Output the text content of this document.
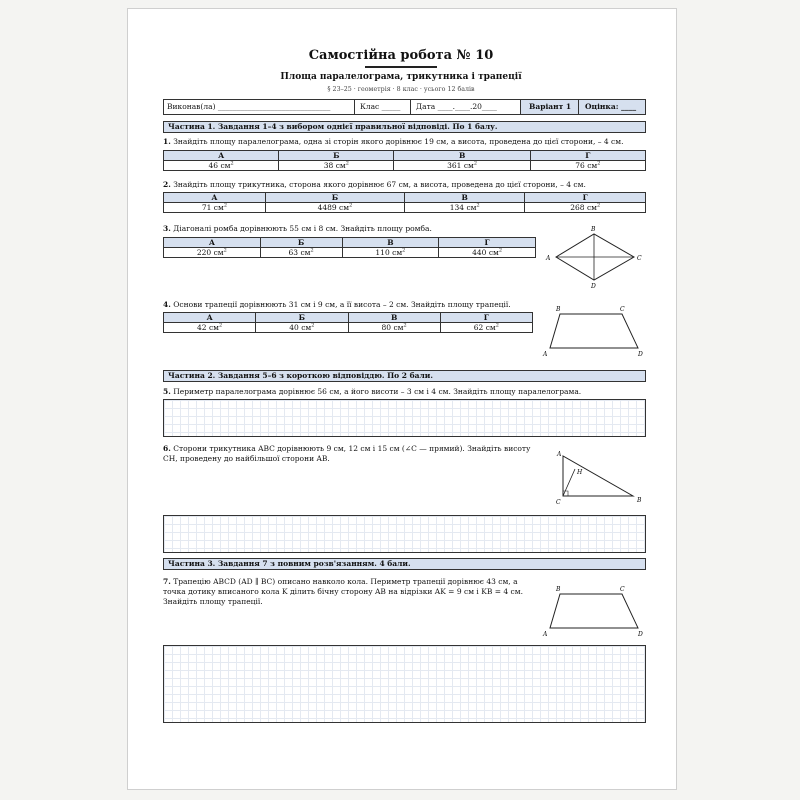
Самостійна робота № 10
Площа паралелограма, трикутника і трапеції
§ 23–25 · геометрія · 8 клас · усього 12 балів
Виконав(ла) ______________________________	Клас _____	Дата ____.____.20____	Варіант 1	Оцінка: ____
Частина 1. Завдання 1–4 з вибором однієї правильної відповіді. По 1 балу.
1. Знайдіть площу паралелограма, одна зі сторін якого дорівнює 19 см, а висота, проведена до цієї сторони, – 4 см.
А	Б	В	Г
46 $см^2$	38 $см^2$	361 $см^2$	76 $см^2$
2. Знайдіть площу трикутника, сторона якого дорівнює 67 см, а висота, проведена до цієї сторони, – 4 см.
А	Б	В	Г
71 $см^2$	4489 $см^2$	134 $см^2$	268 $см^2$
3. Діагоналі ромба дорівнюють 55 см і 8 см. Знайдіть площу ромба.
А	Б	В	Г
220 $см^2$	63 $см^2$	110 $см^2$	440 $см^2$
A
B
C
D
4. Основи трапеції дорівнюють 31 см і 9 см, а її висота – 2 см. Знайдіть площу трапеції.
А	Б	В	Г
42 $см^2$	40 $см^2$	80 $см^2$	62 $см^2$
B	C
A	D
Частина 2. Завдання 5–6 з короткою відповіддю. По 2 бали.
5. Периметр паралелограма дорівнює 56 см, а його висоти – 3 см і 4 см. Знайдіть площу паралелограма.
6. Сторони трикутника ABC дорівнюють 9 см, 12 см і 15 см (∠C — прямий). Знайдіть висоту CH, проведену до найбільшої сторони AB.	A
B
C
H
Частина 3. Завдання 7 з повним розв'язанням. 4 бали.
7. Трапецію ABCD (AD ∥ BC) описано навколо кола. Периметр трапеції дорівнює 43 см, а точка дотику вписаного кола K ділить бічну сторону AB на відрізки AK = 9 см і KB = 4 см. Знайдіть площу трапеції.
B	C
A	D
